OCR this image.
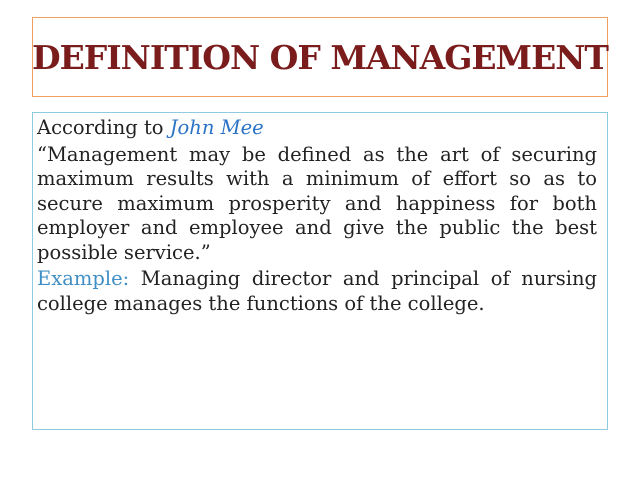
DEFINITION OF MANAGEMENT

According to John Mee

“Management may be defined as the art of securing maximum results with a minimum of effort so as to secure maximum prosperity and happiness for both employer and employee and give the public the best possible service.”

Example: Managing director and principal of nursing college manages the functions of the college.
